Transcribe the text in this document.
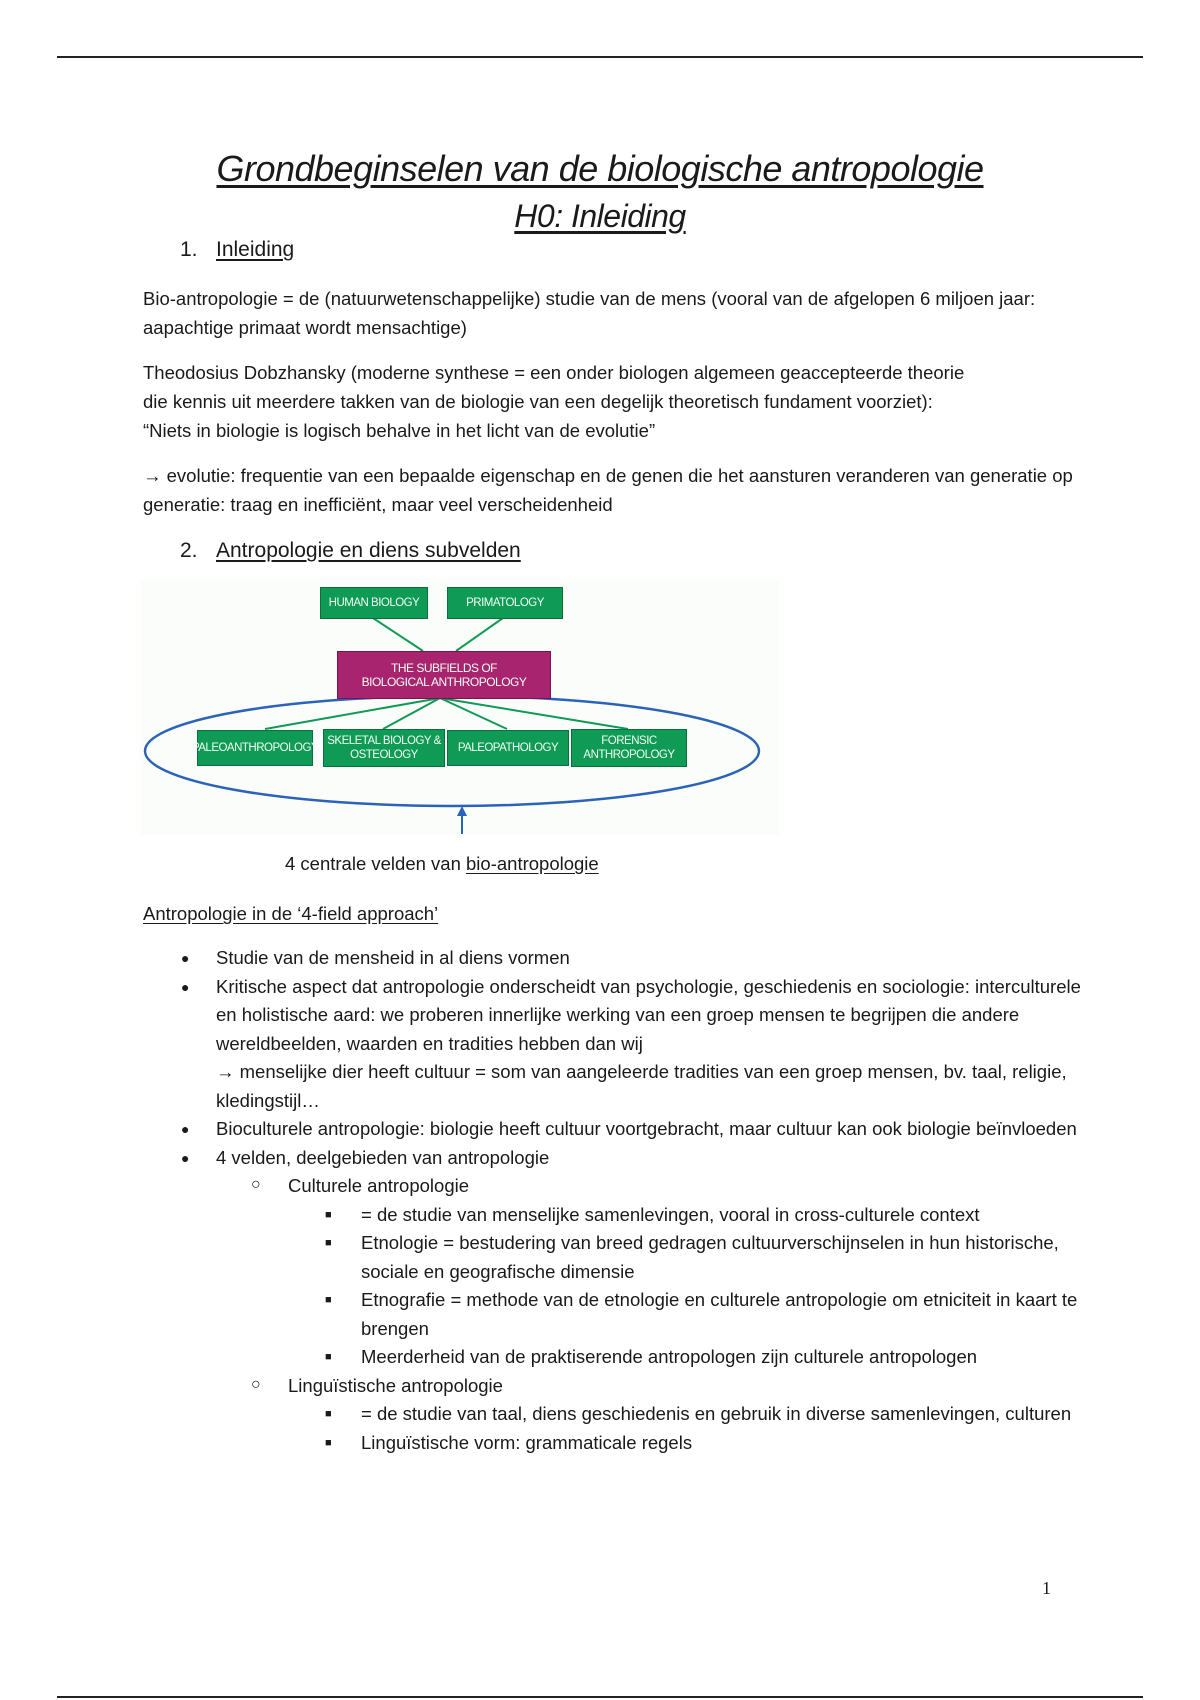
Grondbeginselen van de biologische antropologie
H0: Inleiding
1. Inleiding
Bio-antropologie = de (natuurwetenschappelijke) studie van de mens (vooral van de afgelopen 6 miljoen jaar: aapachtige primaat wordt mensachtige)
Theodosius Dobzhansky (moderne synthese = een onder biologen algemeen geaccepteerde theorie
die kennis uit meerdere takken van de biologie van een degelijk theoretisch fundament voorziet):
“Niets in biologie is logisch behalve in het licht van de evolutie”
→ evolutie: frequentie van een bepaalde eigenschap en de genen die het aansturen veranderen van generatie op generatie: traag en inefficiënt, maar veel verscheidenheid
2. Antropologie en diens subvelden
HUMAN BIOLOGY	PRIMATOLOGY
THE SUBFIELDS OF
BIOLOGICAL ANTHROPOLOGY
PALEOANTHROPOLOGY
SKELETAL BIOLOGY & OSTEOLOGY
PALEOPATHOLOGY
FORENSIC ANTHROPOLOGY
4 centrale velden van bio-antropologie
Antropologie in de ‘4-field approach’
● Studie van de mensheid in al diens vormen
● Kritische aspect dat antropologie onderscheidt van psychologie, geschiedenis en sociologie: interculturele en holistische aard: we proberen innerlijke werking van een groep mensen te begrijpen die andere wereldbeelden, waarden en tradities hebben dan wij
→ menselijke dier heeft cultuur = som van aangeleerde tradities van een groep mensen, bv. taal, religie, kledingstijl…
● Bioculturele antropologie: biologie heeft cultuur voortgebracht, maar cultuur kan ook biologie beïnvloeden
● 4 velden, deelgebieden van antropologie
○ Culturele antropologie
■ = de studie van menselijke samenlevingen, vooral in cross-culturele context
■ Etnologie = bestudering van breed gedragen cultuurverschijnselen in hun historische, sociale en geografische dimensie
■ Etnografie = methode van de etnologie en culturele antropologie om etniciteit in kaart te brengen
■ Meerderheid van de praktiserende antropologen zijn culturele antropologen
○ Linguïstische antropologie
■ = de studie van taal, diens geschiedenis en gebruik in diverse samenlevingen, culturen
■ Linguïstische vorm: grammaticale regels
1
